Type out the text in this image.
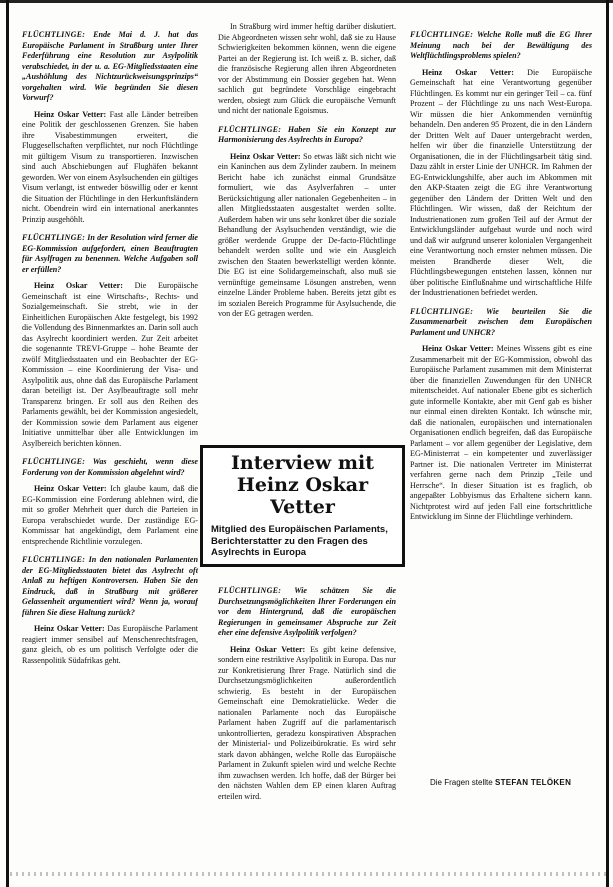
FLÜCHTLINGE: Ende Mai d. J. hat das Europäische Parlament in Straßburg unter Ihrer Federführung eine Resolution zur Asylpolitik verabschiedet, in der u. a. EG-Mitgliedsstaaten eine „Aushöhlung des Nichtzurückweisungsprinzips“ vorgehalten wird. Wie begründen Sie diesen Vorwurf?

Heinz Oskar Vetter: Fast alle Länder betreiben eine Politik der geschlossenen Grenzen. Sie haben ihre Visabestimmungen erweitert, die Fluggesellschaften verpflichtet, nur noch Flüchtlinge mit gültigem Visum zu transportieren. Inzwischen sind auch Abschiebungen auf Flughäfen bekannt geworden. Wer von einem Asylsuchenden ein gültiges Visum verlangt, ist entweder böswillig oder er kennt die Situation der Flüchtlinge in den Herkunftsländern nicht. Obendrein wird ein international anerkanntes Prinzip ausgehöhlt.

FLÜCHTLINGE: In der Resolution wird ferner die EG-Kommission aufgefordert, einen Beauftragten für Asylfragen zu benennen. Welche Aufgaben soll er erfüllen?

Heinz Oskar Vetter: Die Europäische Gemeinschaft ist eine Wirtschafts-, Rechts- und Sozialgemeinschaft. Sie strebt, wie in der Einheitlichen Europäischen Akte festgelegt, bis 1992 die Vollendung des Binnenmarktes an. Darin soll auch das Asylrecht koordiniert werden. Zur Zeit arbeitet die sogenannte TREVI-Gruppe – hohe Beamte der zwölf Mitgliedsstaaten und ein Beobachter der EG-Kommission – eine Koordinierung der Visa- und Asylpolitik aus, ohne daß das Europäische Parlament daran beteiligt ist. Der Asylbeauftragte soll mehr Transparenz bringen. Er soll aus den Reihen des Parlaments gewählt, bei der Kommission angesiedelt, der Kommission sowie dem Parlament aus eigener Initiative unmittelbar über alle Entwicklungen im Asylbereich berichten können.

FLÜCHTLINGE: Was geschieht, wenn diese Forderung von der Kommission abgelehnt wird?

Heinz Oskar Vetter: Ich glaube kaum, daß die EG-Kommission eine Forderung ablehnen wird, die mit so großer Mehrheit quer durch die Parteien in Europa verabschiedet wurde. Der zuständige EG-Kommissar hat angekündigt, dem Parlament eine entsprechende Richtlinie vorzulegen.

FLÜCHTLINGE: In den nationalen Parlamenten der EG-Mitgliedsstaaten bietet das Asylrecht oft Anlaß zu heftigen Kontroversen. Haben Sie den Eindruck, daß in Straßburg mit größerer Gelassenheit argumentiert wird? Wenn ja, worauf führen Sie diese Haltung zurück?

Heinz Oskar Vetter: Das Europäische Parlament reagiert immer sensibel auf Menschenrechtsfragen, ganz gleich, ob es um politisch Verfolgte oder die Rassenpolitik Südafrikas geht.

In Straßburg wird immer heftig darüber diskutiert. Die Abgeordneten wissen sehr wohl, daß sie zu Hause Schwierigkeiten bekommen können, wenn die eigene Partei an der Regierung ist. Ich weiß z. B. sicher, daß die französische Regierung allen ihren Abgeordneten vor der Abstimmung ein Dossier gegeben hat. Wenn sachlich gut begründete Vorschläge eingebracht werden, obsiegt zum Glück die europäische Vernunft und nicht der nationale Egoismus.

FLÜCHTLINGE: Haben Sie ein Konzept zur Harmonisierung des Asylrechts in Europa?

Heinz Oskar Vetter: So etwas läßt sich nicht wie ein Kaninchen aus dem Zylinder zaubern. In meinem Bericht habe ich zunächst einmal Grundsätze formuliert, wie das Asylverfahren – unter Berücksichtigung aller nationalen Gegebenheiten – in allen Mitgliedsstaaten ausgestaltet werden sollte. Außerdem haben wir uns sehr konkret über die soziale Behandlung der Asylsuchenden verständigt, wie die größer werdende Gruppe der De-facto-Flüchtlinge behandelt werden sollte und wie ein Ausgleich zwischen den Staaten bewerkstelligt werden könnte. Die EG ist eine Solidargemeinschaft, also muß sie vernünftige gemeinsame Lösungen anstreben, wenn einzelne Länder Probleme haben. Bereits jetzt gibt es im sozialen Bereich Programme für Asylsuchende, die von der EG getragen werden.

FLÜCHTLINGE: Wie schätzen Sie die Durchsetzungsmöglichkeiten Ihrer Forderungen ein vor dem Hintergrund, daß die europäischen Regierungen in gemeinsamer Absprache zur Zeit eher eine defensive Asylpolitik verfolgen?

Heinz Oskar Vetter: Es gibt keine defensive, sondern eine restriktive Asylpolitik in Europa. Das nur zur Konkretisierung Ihrer Frage. Natürlich sind die Durchsetzungsmöglichkeiten außerordentlich schwierig. Es besteht in der Europäischen Gemeinschaft eine Demokratielücke. Weder die nationalen Parlamente noch das Europäische Parlament haben Zugriff auf die parlamentarisch unkontrollierten, geradezu konspirativen Absprachen der Ministerial- und Polizeibürokratie. Es wird sehr stark davon abhängen, welche Rolle das Europäische Parlament in Zukunft spielen wird und welche Rechte ihm zuwachsen werden. Ich hoffe, daß der Bürger bei den nächsten Wahlen dem EP einen klaren Auftrag erteilen wird.

FLÜCHTLINGE: Welche Rolle muß die EG Ihrer Meinung nach bei der Bewältigung des Weltflüchtlingsproblems spielen?

Heinz Oskar Vetter: Die Europäische Gemeinschaft hat eine Verantwortung gegenüber Flüchtlingen. Es kommt nur ein geringer Teil – ca. fünf Prozent – der Flüchtlinge zu uns nach West-Europa. Wir müssen die hier Ankommenden vernünftig behandeln. Den anderen 95 Prozent, die in den Ländern der Dritten Welt auf Dauer untergebracht werden, helfen wir über die finanzielle Unterstützung der Organisationen, die in der Flüchtlingsarbeit tätig sind. Dazu zählt in erster Linie der UNHCR. Im Rahmen der EG-Entwicklungshilfe, aber auch im Abkommen mit den AKP-Staaten zeigt die EG ihre Verantwortung gegenüber den Ländern der Dritten Welt und den Flüchtlingen. Wir wissen, daß der Reichtum der Industrienationen zum großen Teil auf der Armut der Entwicklungsländer aufgebaut wurde und noch wird und daß wir aufgrund unserer kolonialen Vergangenheit eine Verantwortung noch ernster nehmen müssen. Die meisten Brandherde dieser Welt, die Flüchtlingsbewegungen entstehen lassen, können nur über politische Einflußnahme und wirtschaftliche Hilfe der Industrienationen befriedet werden.

FLÜCHTLINGE: Wie beurteilen Sie die Zusammenarbeit zwischen dem Europäischen Parlament und UNHCR?

Heinz Oskar Vetter: Meines Wissens gibt es eine Zusammenarbeit mit der EG-Kommission, obwohl das Europäische Parlament zusammen mit dem Ministerrat über die finanziellen Zuwendungen für den UNHCR mitentscheidet. Auf nationaler Ebene gibt es sicherlich gute informelle Kontakte, aber mit Genf gab es bisher nur einmal einen direkten Kontakt. Ich wünsche mir, daß die nationalen, europäischen und internationalen Organisationen endlich begreifen, daß das Europäische Parlament – vor allem gegenüber der Legislative, dem EG-Ministerrat – ein kompetenter und zuverlässiger Partner ist. Die nationalen Vertreter im Ministerrat verfahren gerne nach dem Prinzip „Teile und Herrsche“. In dieser Situation ist es fraglich, ob angepaßter Lobbyismus das Erhaltene sichern kann. Nichtprotest wird auf jeden Fall eine fortschrittliche Entwicklung im Sinne der Flüchtlinge verhindern.

Interview mit Heinz Oskar Vetter
Mitglied des Europäischen Parlaments, Berichterstatter zu den Fragen des Asylrechts in Europa
Die Fragen stellte STEFAN TELÖKEN
